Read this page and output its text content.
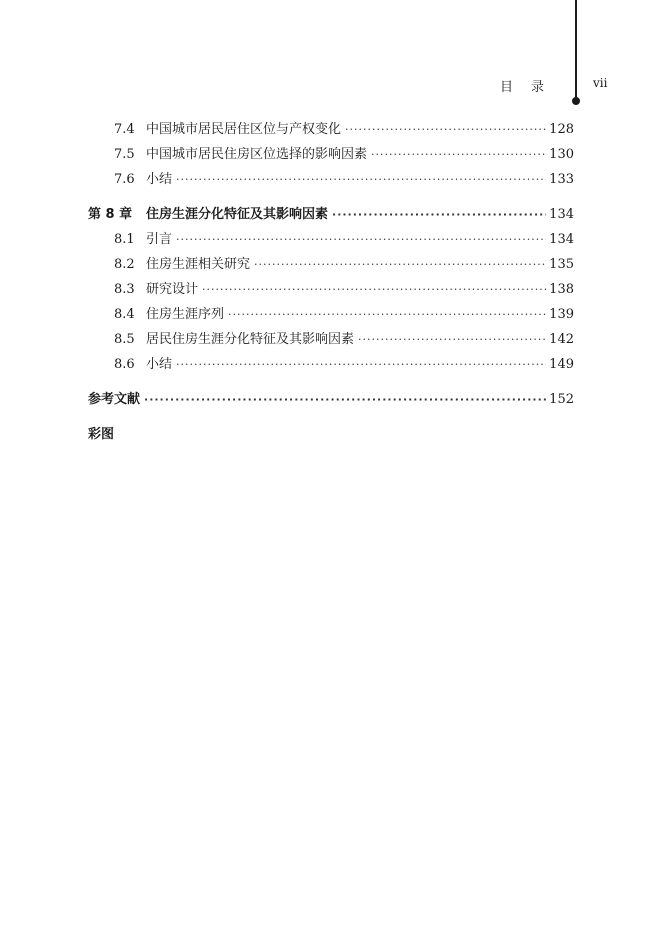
目录	vii
7.4 中国城市居民居住区位与产权变化 ·····	128
7.5 中国城市居民住房区位选择的影响因素 ·····	130
7.6 小结 ·····	133
第 8 章	住房生涯分化特征及其影响因素 ·····	134
8.1 引言 ·····	134
8.2 住房生涯相关研究 ·····	135
8.3 研究设计 ·····	138
8.4 住房生涯序列 ·····	139
8.5 居民住房生涯分化特征及其影响因素 ·····	142
8.6 小结 ·····	149
参考文献 ·····	152
彩图
